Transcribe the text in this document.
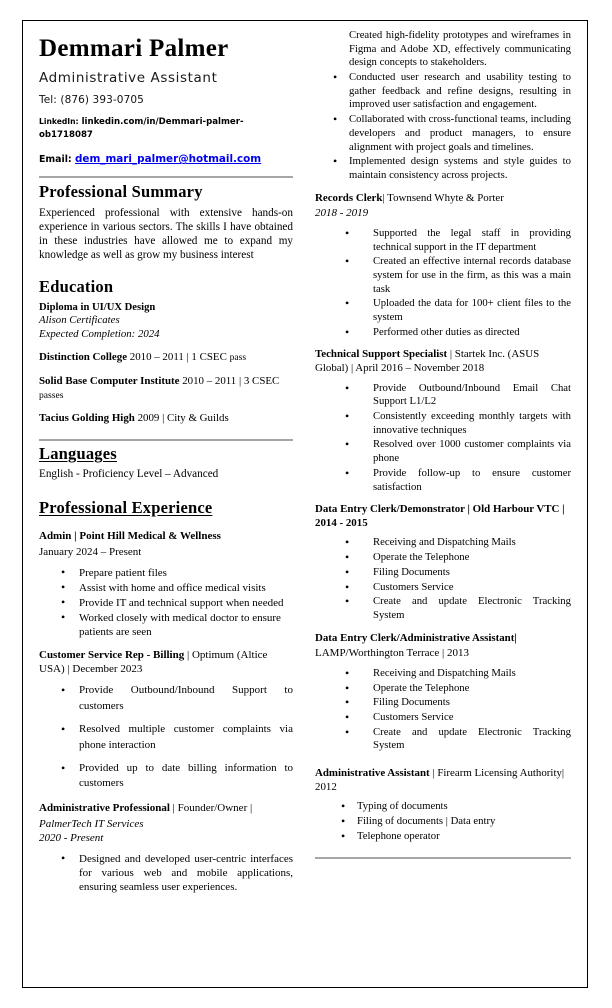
Demmari Palmer
Administrative Assistant
Tel: (876) 393-0705
LinkedIn: linkedin.com/in/Demmari-palmer-ob1718087
Email: dem_mari_palmer@hotmail.com
Professional Summary

Experienced professional with extensive hands-on experience in various sectors. The skills I have obtained in these industries have allowed me to expand my knowledge as well as grow my business interest

Education
Diploma in UI/UX Design
Alison Certificates
Expected Completion: 2024
Distinction College 2010 – 2011 | 1 CSEC pass
Solid Base Computer Institute 2010 – 2011 | 3 CSEC passes
Tacius Golding High 2009 | City & Guilds
Languages
English - Proficiency Level – Advanced
Professional Experience
Admin | Point Hill Medical & Wellness
January 2024 – Present
• Prepare patient files
• Assist with home and office medical visits
• Provide IT and technical support when needed
• Worked closely with medical doctor to ensure patients are seen
Customer Service Rep - Billing | Optimum (Altice USA) | December 2023
• Provide Outbound/Inbound Support to customers
• Resolved multiple customer complaints via phone interaction
• Provided up to date billing information to customers
Administrative Professional | Founder/Owner |
PalmerTech IT Services
2020 - Present
• Designed and developed user-centric interfaces for various web and mobile applications, ensuring seamless user experiences.
Created high-fidelity prototypes and wireframes in Figma and Adobe XD, effectively communicating design concepts to stakeholders.
• Conducted user research and usability testing to gather feedback and refine designs, resulting in improved user satisfaction and engagement.
• Collaborated with cross-functional teams, including developers and product managers, to ensure alignment with project goals and timelines.
• Implemented design systems and style guides to maintain consistency across projects.
Records Clerk| Townsend Whyte & Porter
2018 - 2019
• Supported the legal staff in providing technical support in the IT department
• Created an effective internal records database system for use in the firm, as this was a main task
• Uploaded the data for 100+ client files to the system
• Performed other duties as directed
Technical Support Specialist | Startek Inc. (ASUS Global) | April 2016 – November 2018
• Provide Outbound/Inbound Email Chat Support L1/L2
• Consistently exceeding monthly targets with innovative techniques
• Resolved over 1000 customer complaints via phone
• Provide follow-up to ensure customer satisfaction
Data Entry Clerk/Demonstrator | Old Harbour VTC | 2014 - 2015
• Receiving and Dispatching Mails
• Operate the Telephone
• Filing Documents
• Customers Service
• Create and update Electronic Tracking System
Data Entry Clerk/Administrative Assistant|
LAMP/Worthington Terrace | 2013
• Receiving and Dispatching Mails
• Operate the Telephone
• Filing Documents
• Customers Service
• Create and update Electronic Tracking System
Administrative Assistant | Firearm Licensing Authority| 2012
• Typing of documents
• Filing of documents | Data entry
• Telephone operator
